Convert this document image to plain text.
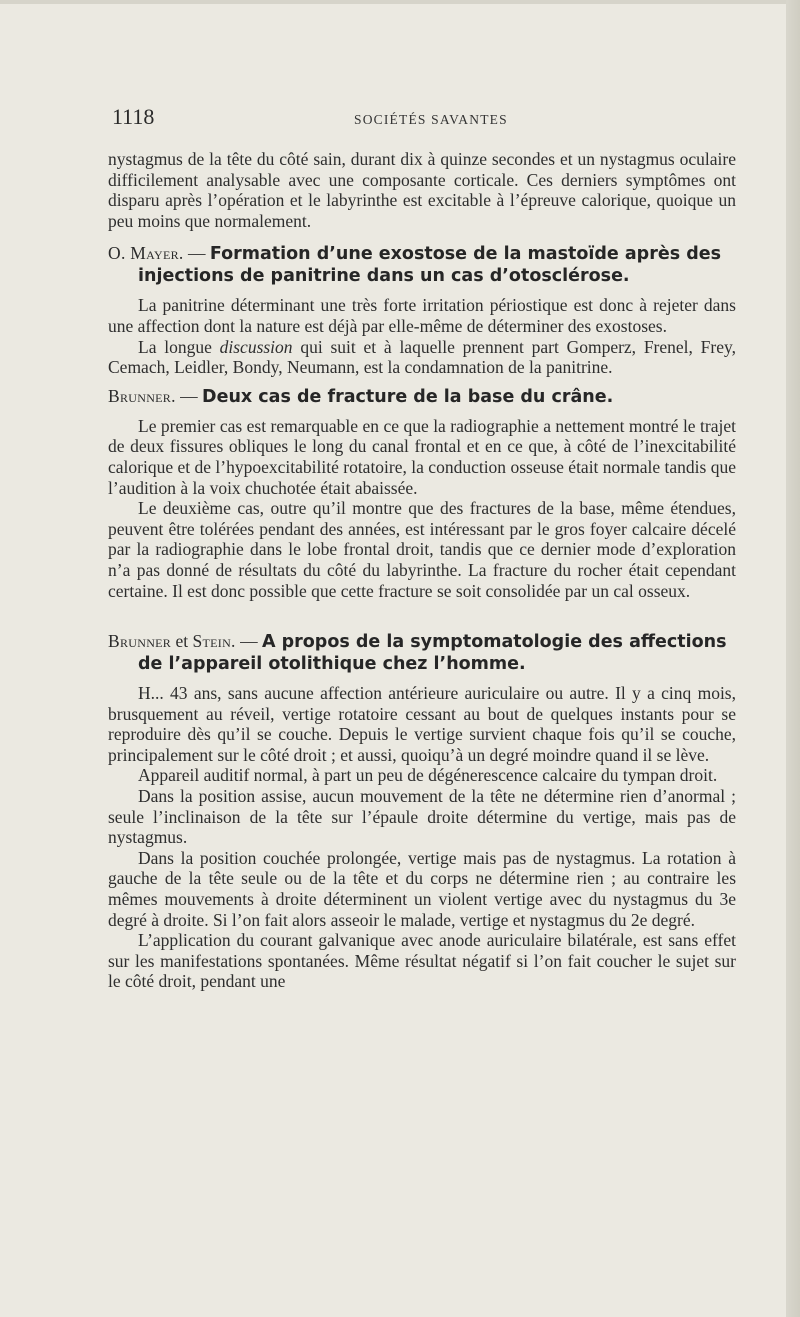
1118	SOCIÉTÉS SAVANTES

nystagmus de la tête du côté sain, durant dix à quinze secondes et un nystagmus oculaire difficilement analysable avec une composante corticale. Ces derniers symptômes ont disparu après l’opération et le labyrinthe est excitable à l’épreuve calorique, quoique un peu moins que normalement.

O. Mayer. — Formation d’une exostose de la mastoïde après des injections de panitrine dans un cas d’otosclérose.

La panitrine déterminant une très forte irritation périostique est donc à rejeter dans une affection dont la nature est déjà par elle-même de déterminer des exostoses.

La longue discussion qui suit et à laquelle prennent part Gomperz, Frenel, Frey, Cemach, Leidler, Bondy, Neumann, est la condamnation de la panitrine.

Brunner. — Deux cas de fracture de la base du crâne.

Le premier cas est remarquable en ce que la radiographie a nettement montré le trajet de deux fissures obliques le long du canal frontal et en ce que, à côté de l’inexcitabilité calorique et de l’hypoexcitabilité rotatoire, la conduction osseuse était normale tandis que l’audition à la voix chuchotée était abaissée.

Le deuxième cas, outre qu’il montre que des fractures de la base, même étendues, peuvent être tolérées pendant des années, est intéressant par le gros foyer calcaire décelé par la radiographie dans le lobe frontal droit, tandis que ce dernier mode d’exploration n’a pas donné de résultats du côté du labyrinthe. La fracture du rocher était cependant certaine. Il est donc possible que cette fracture se soit consolidée par un cal osseux.

Brunner et Stein. — A propos de la symptomatologie des affections de l’appareil otolithique chez l’homme.

H... 43 ans, sans aucune affection antérieure auriculaire ou autre. Il y a cinq mois, brusquement au réveil, vertige rotatoire cessant au bout de quelques instants pour se reproduire dès qu’il se couche. Depuis le vertige survient chaque fois qu’il se couche, principalement sur le côté droit ; et aussi, quoiqu’à un degré moindre quand il se lève.

Appareil auditif normal, à part un peu de dégénerescence calcaire du tympan droit.

Dans la position assise, aucun mouvement de la tête ne détermine rien d’anormal ; seule l’inclinaison de la tête sur l’épaule droite détermine du vertige, mais pas de nystagmus.

Dans la position couchée prolongée, vertige mais pas de nystagmus. La rotation à gauche de la tête seule ou de la tête et du corps ne détermine rien ; au contraire les mêmes mouvements à droite déterminent un violent vertige avec du nystagmus du 3e degré à droite. Si l’on fait alors asseoir le malade, vertige et nystagmus du 2e degré.

L’application du courant galvanique avec anode auriculaire bilatérale, est sans effet sur les manifestations spontanées. Même résultat négatif si l’on fait coucher le sujet sur le côté droit, pendant une
